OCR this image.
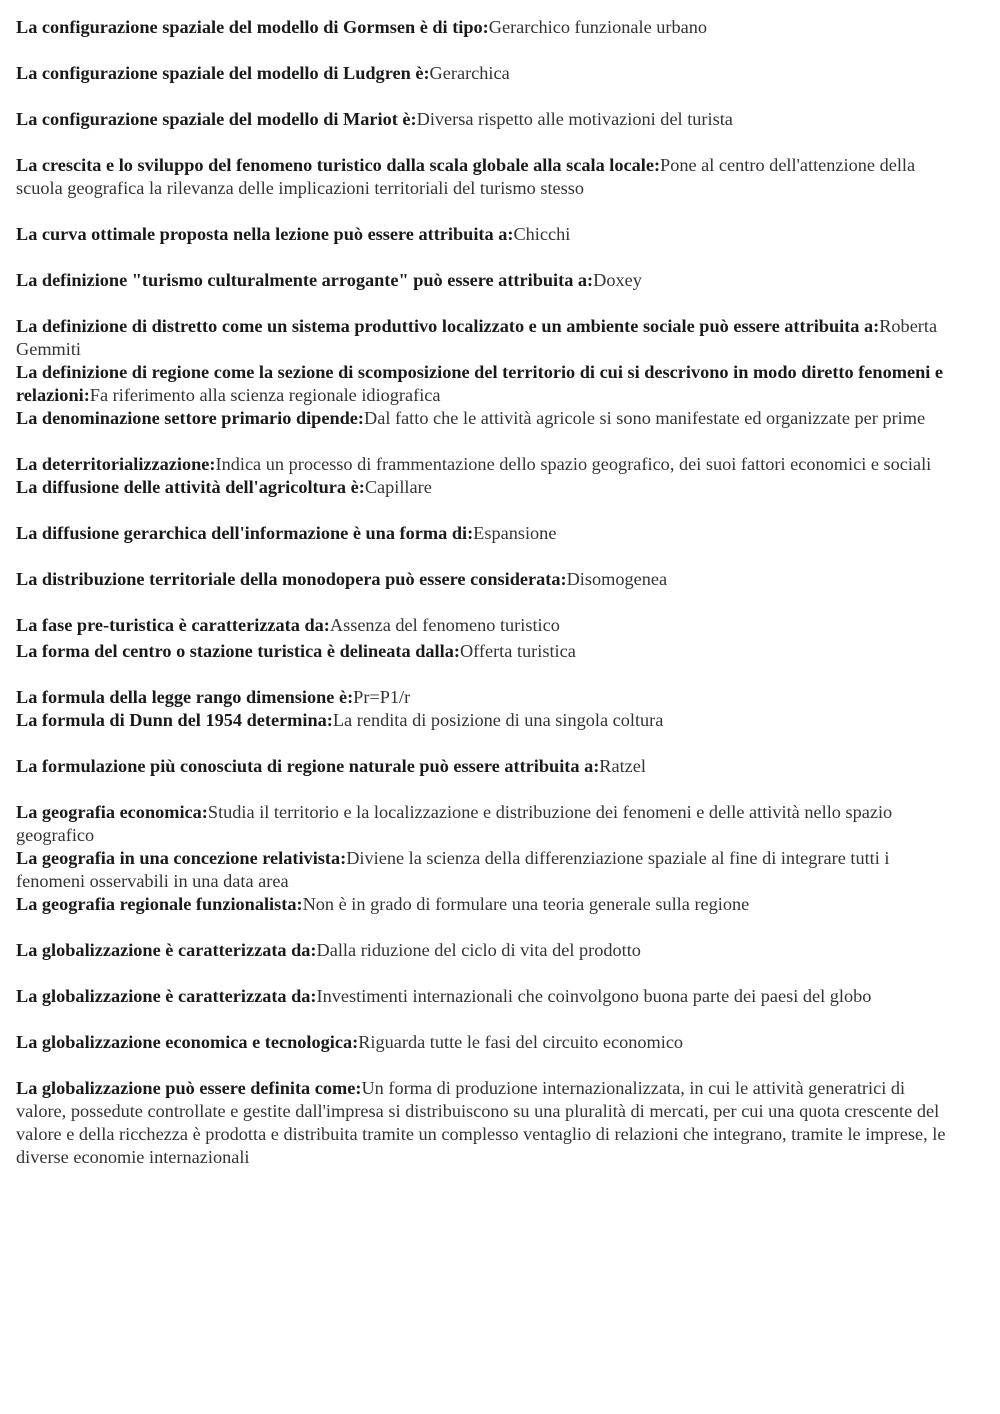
La configurazione spaziale del modello di Gormsen è di tipo:Gerarchico funzionale urbano

La configurazione spaziale del modello di Ludgren è:Gerarchica

La configurazione spaziale del modello di Mariot è:Diversa rispetto alle motivazioni del turista

La crescita e lo sviluppo del fenomeno turistico dalla scala globale alla scala locale:Pone al centro dell'attenzione della scuola geografica la rilevanza delle implicazioni territoriali del turismo stesso

La curva ottimale proposta nella lezione può essere attribuita a:Chicchi

La definizione "turismo culturalmente arrogante" può essere attribuita a:Doxey

La definizione di distretto come un sistema produttivo localizzato e un ambiente sociale può essere attribuita a:Roberta Gemmiti

La definizione di regione come la sezione di scomposizione del territorio di cui si descrivono in modo diretto fenomeni e relazioni:Fa riferimento alla scienza regionale idiografica

La denominazione settore primario dipende:Dal fatto che le attività agricole si sono manifestate ed organizzate per prime

La deterritorializzazione:Indica un processo di frammentazione dello spazio geografico, dei suoi fattori economici e sociali

La diffusione delle attività dell'agricoltura è:Capillare

La diffusione gerarchica dell'informazione è una forma di:Espansione

La distribuzione territoriale della monodopera può essere considerata:Disomogenea

La fase pre-turistica è caratterizzata da:Assenza del fenomeno turistico

La forma del centro o stazione turistica è delineata dalla:Offerta turistica

La formula della legge rango dimensione è:Pr=P1/r

La formula di Dunn del 1954 determina:La rendita di posizione di una singola coltura

La formulazione più conosciuta di regione naturale può essere attribuita a:Ratzel

La geografia economica:Studia il territorio e la localizzazione e distribuzione dei fenomeni e delle attività nello spazio geografico

La geografia in una concezione relativista:Diviene la scienza della differenziazione spaziale al fine di integrare tutti i fenomeni osservabili in una data area

La geografia regionale funzionalista:Non è in grado di formulare una teoria generale sulla regione

La globalizzazione è caratterizzata da:Dalla riduzione del ciclo di vita del prodotto

La globalizzazione è caratterizzata da:Investimenti internazionali che coinvolgono buona parte dei paesi del globo

La globalizzazione economica e tecnologica:Riguarda tutte le fasi del circuito economico

La globalizzazione può essere definita come:Un forma di produzione internazionalizzata, in cui le attività generatrici di valore, possedute controllate e gestite dall'impresa si distribuiscono su una pluralità di mercati, per cui una quota crescente del valore e della ricchezza è prodotta e distribuita tramite un complesso ventaglio di relazioni che integrano, tramite le imprese, le diverse economie internazionali
